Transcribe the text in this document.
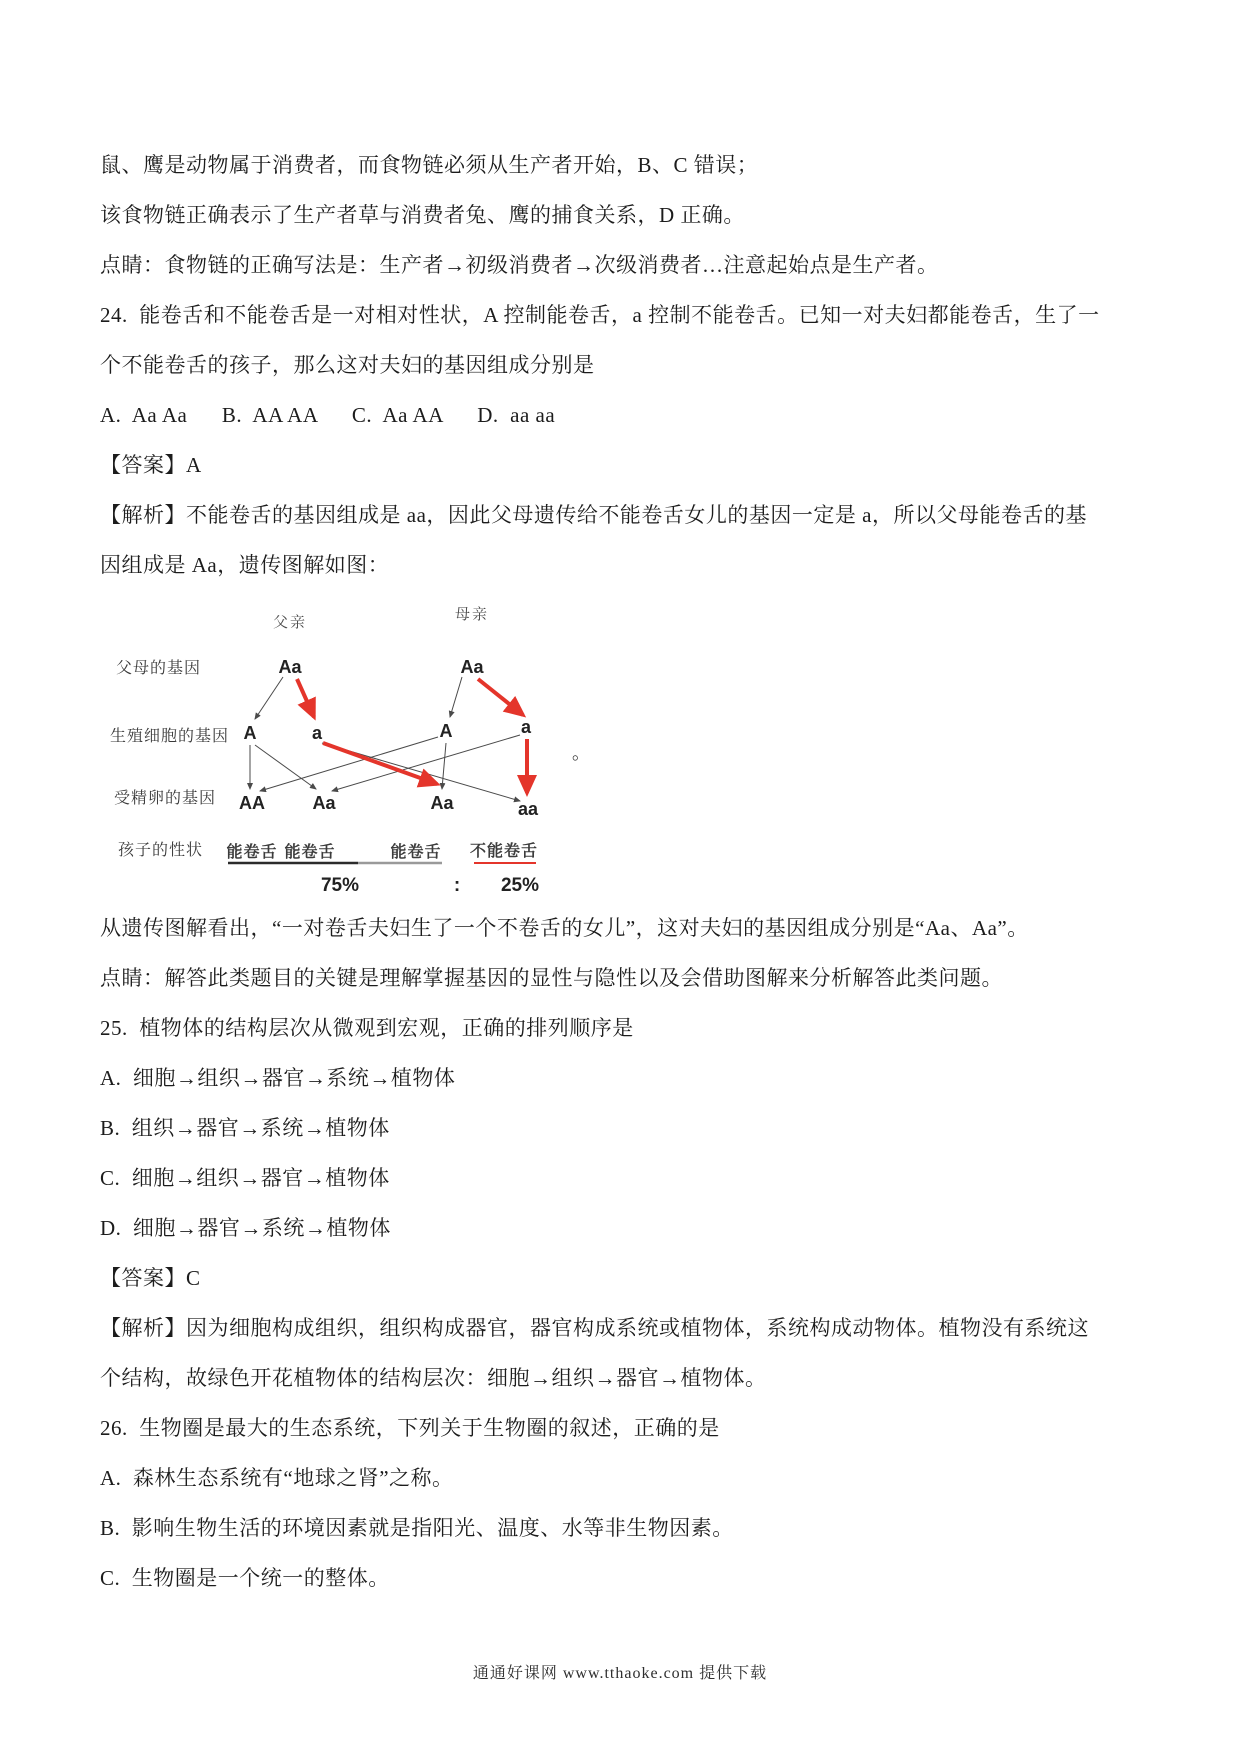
鼠、鹰是动物属于消费者，而食物链必须从生产者开始，B、C 错误；

该食物链正确表示了生产者草与消费者兔、鹰的捕食关系，D 正确。

点睛：食物链的正确写法是：生产者→初级消费者→次级消费者…注意起始点是生产者。

24.  能卷舌和不能卷舌是一对相对性状，A 控制能卷舌，a 控制不能卷舌。已知一对夫妇都能卷舌，生了一

个不能卷舌的孩子，那么这对夫妇的基因组成分别是

A.  Aa Aa      B.  AA AA      C.  Aa AA      D.  aa aa

【答案】A

【解析】不能卷舌的基因组成是 aa，因此父母遗传给不能卷舌女儿的基因一定是 a，所以父母能卷舌的基

因组成是 Aa，遗传图解如图：

父亲	母亲
父母的基因
生殖细胞的基因
受精卵的基因
孩子的性状
Aa	Aa
A	a	A	a
AA	Aa	Aa	aa
能卷舌 能卷舌	能卷舌 不能卷舌
75%	: 25%
。

从遗传图解看出，“一对卷舌夫妇生了一个不卷舌的女儿”，这对夫妇的基因组成分别是“Aa、Aa”。

点睛：解答此类题目的关键是理解掌握基因的显性与隐性以及会借助图解来分析解答此类问题。

25.  植物体的结构层次从微观到宏观，正确的排列顺序是

A.  细胞→组织→器官→系统→植物体

B.  组织→器官→系统→植物体

C.  细胞→组织→器官→植物体

D.  细胞→器官→系统→植物体

【答案】C

【解析】因为细胞构成组织，组织构成器官，器官构成系统或植物体，系统构成动物体。植物没有系统这

个结构，故绿色开花植物体的结构层次：细胞→组织→器官→植物体。

26.  生物圈是最大的生态系统，下列关于生物圈的叙述，正确的是

A.  森林生态系统有“地球之肾”之称。

B.  影响生物生活的环境因素就是指阳光、温度、水等非生物因素。

C.  生物圈是一个统一的整体。

通通好课网 www.tthaoke.com 提供下载
